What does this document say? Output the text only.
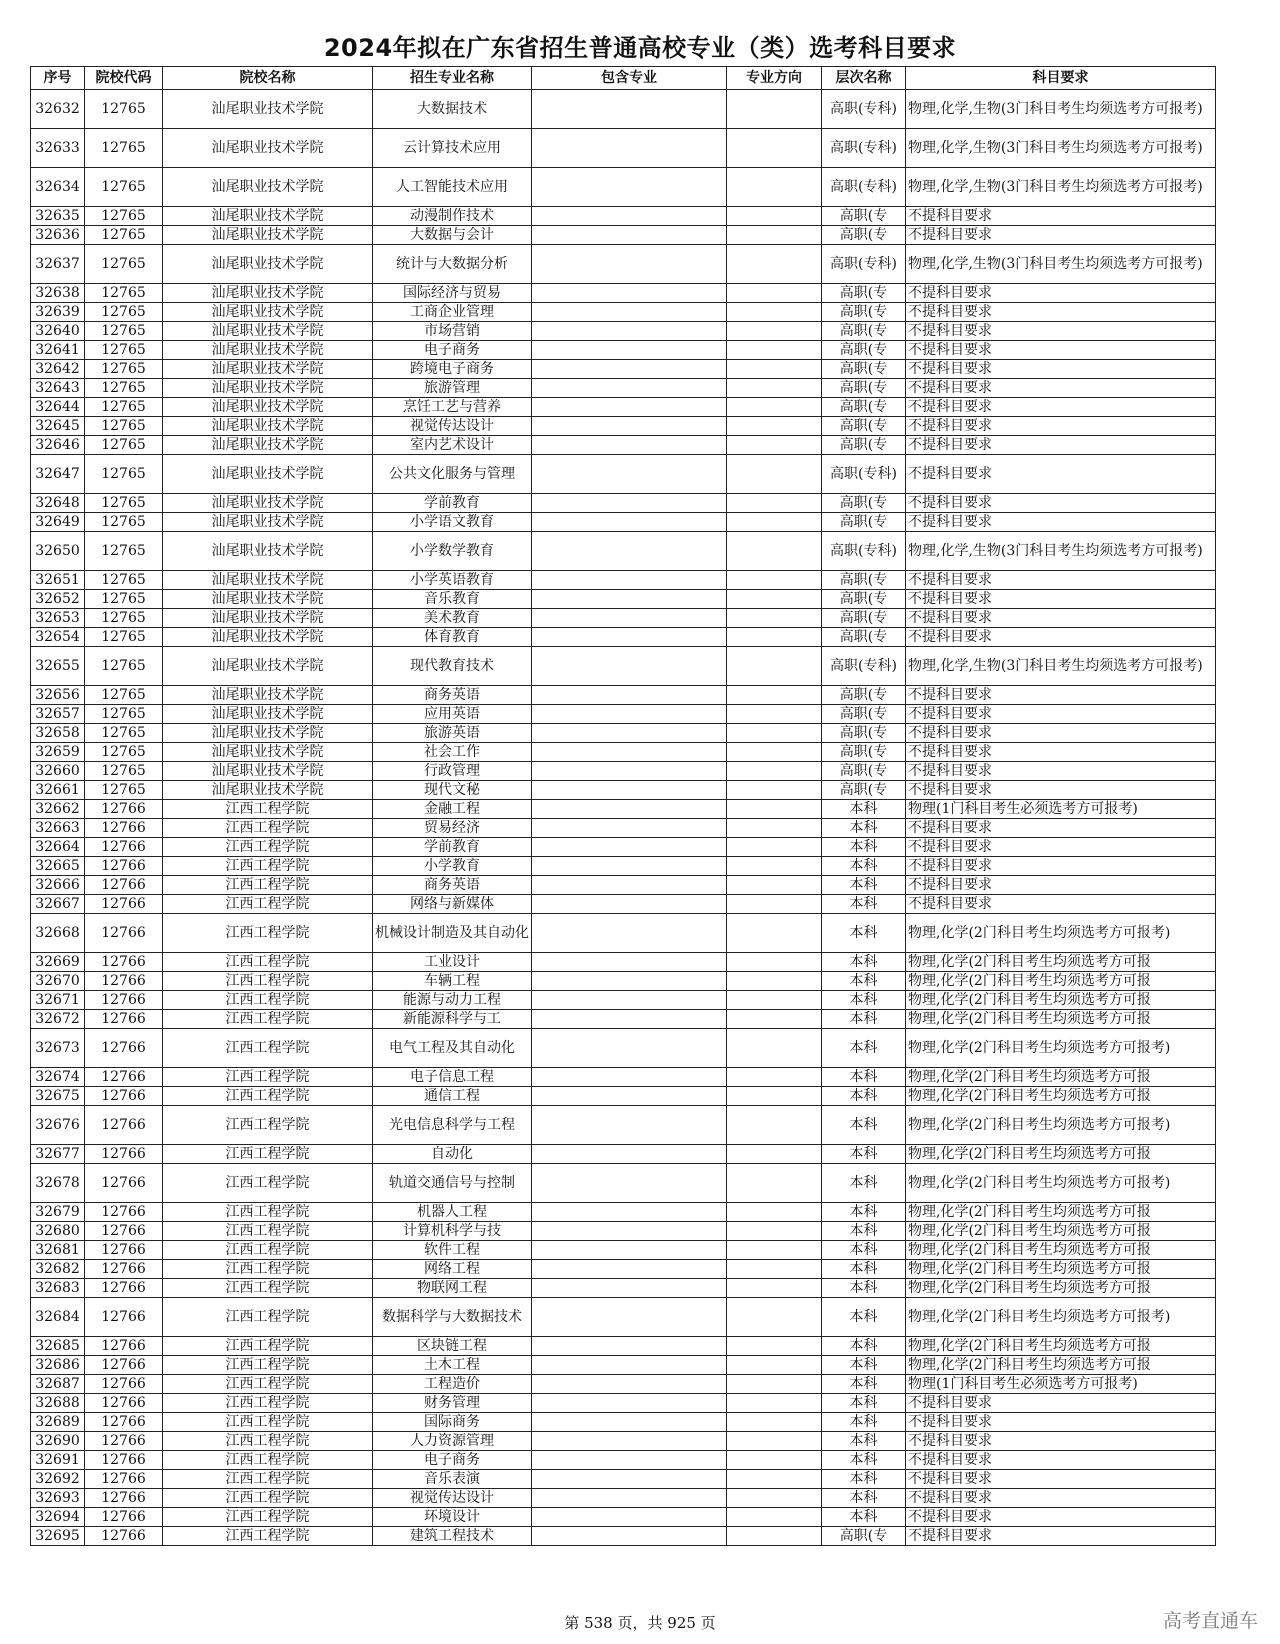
2024年拟在广东省招生普通高校专业（类）选考科目要求
序号	院校代码	院校名称	招生专业名称	包含专业	专业方向	层次名称	科目要求
32632	12765	汕尾职业技术学院	大数据技术			高职(专科)	物理,化学,生物(3门科目考生均须选考方可报考)
32633	12765	汕尾职业技术学院	云计算技术应用			高职(专科)	物理,化学,生物(3门科目考生均须选考方可报考)
32634	12765	汕尾职业技术学院	人工智能技术应用			高职(专科)	物理,化学,生物(3门科目考生均须选考方可报考)
32635	12765	汕尾职业技术学院	动漫制作技术			高职(专	不提科目要求
32636	12765	汕尾职业技术学院	大数据与会计			高职(专	不提科目要求
32637	12765	汕尾职业技术学院	统计与大数据分析			高职(专科)	物理,化学,生物(3门科目考生均须选考方可报考)
32638	12765	汕尾职业技术学院	国际经济与贸易			高职(专	不提科目要求
32639	12765	汕尾职业技术学院	工商企业管理			高职(专	不提科目要求
32640	12765	汕尾职业技术学院	市场营销			高职(专	不提科目要求
32641	12765	汕尾职业技术学院	电子商务			高职(专	不提科目要求
32642	12765	汕尾职业技术学院	跨境电子商务			高职(专	不提科目要求
32643	12765	汕尾职业技术学院	旅游管理			高职(专	不提科目要求
32644	12765	汕尾职业技术学院	烹饪工艺与营养			高职(专	不提科目要求
32645	12765	汕尾职业技术学院	视觉传达设计			高职(专	不提科目要求
32646	12765	汕尾职业技术学院	室内艺术设计			高职(专	不提科目要求
32647	12765	汕尾职业技术学院	公共文化服务与管理			高职(专科)	不提科目要求
32648	12765	汕尾职业技术学院	学前教育			高职(专	不提科目要求
32649	12765	汕尾职业技术学院	小学语文教育			高职(专	不提科目要求
32650	12765	汕尾职业技术学院	小学数学教育			高职(专科)	物理,化学,生物(3门科目考生均须选考方可报考)
32651	12765	汕尾职业技术学院	小学英语教育			高职(专	不提科目要求
32652	12765	汕尾职业技术学院	音乐教育			高职(专	不提科目要求
32653	12765	汕尾职业技术学院	美术教育			高职(专	不提科目要求
32654	12765	汕尾职业技术学院	体育教育			高职(专	不提科目要求
32655	12765	汕尾职业技术学院	现代教育技术			高职(专科)	物理,化学,生物(3门科目考生均须选考方可报考)
32656	12765	汕尾职业技术学院	商务英语			高职(专	不提科目要求
32657	12765	汕尾职业技术学院	应用英语			高职(专	不提科目要求
32658	12765	汕尾职业技术学院	旅游英语			高职(专	不提科目要求
32659	12765	汕尾职业技术学院	社会工作			高职(专	不提科目要求
32660	12765	汕尾职业技术学院	行政管理			高职(专	不提科目要求
32661	12765	汕尾职业技术学院	现代文秘			高职(专	不提科目要求
32662	12766	江西工程学院	金融工程			本科	物理(1门科目考生必须选考方可报考)
32663	12766	江西工程学院	贸易经济			本科	不提科目要求
32664	12766	江西工程学院	学前教育			本科	不提科目要求
32665	12766	江西工程学院	小学教育			本科	不提科目要求
32666	12766	江西工程学院	商务英语			本科	不提科目要求
32667	12766	江西工程学院	网络与新媒体			本科	不提科目要求
32668	12766	江西工程学院	机械设计制造及其自动化			本科	物理,化学(2门科目考生均须选考方可报考)
32669	12766	江西工程学院	工业设计			本科	物理,化学(2门科目考生均须选考方可报
32670	12766	江西工程学院	车辆工程			本科	物理,化学(2门科目考生均须选考方可报
32671	12766	江西工程学院	能源与动力工程			本科	物理,化学(2门科目考生均须选考方可报
32672	12766	江西工程学院	新能源科学与工			本科	物理,化学(2门科目考生均须选考方可报
32673	12766	江西工程学院	电气工程及其自动化			本科	物理,化学(2门科目考生均须选考方可报考)
32674	12766	江西工程学院	电子信息工程			本科	物理,化学(2门科目考生均须选考方可报
32675	12766	江西工程学院	通信工程			本科	物理,化学(2门科目考生均须选考方可报
32676	12766	江西工程学院	光电信息科学与工程			本科	物理,化学(2门科目考生均须选考方可报考)
32677	12766	江西工程学院	自动化			本科	物理,化学(2门科目考生均须选考方可报
32678	12766	江西工程学院	轨道交通信号与控制			本科	物理,化学(2门科目考生均须选考方可报考)
32679	12766	江西工程学院	机器人工程			本科	物理,化学(2门科目考生均须选考方可报
32680	12766	江西工程学院	计算机科学与技			本科	物理,化学(2门科目考生均须选考方可报
32681	12766	江西工程学院	软件工程			本科	物理,化学(2门科目考生均须选考方可报
32682	12766	江西工程学院	网络工程			本科	物理,化学(2门科目考生均须选考方可报
32683	12766	江西工程学院	物联网工程			本科	物理,化学(2门科目考生均须选考方可报
32684	12766	江西工程学院	数据科学与大数据技术			本科	物理,化学(2门科目考生均须选考方可报考)
32685	12766	江西工程学院	区块链工程			本科	物理,化学(2门科目考生均须选考方可报
32686	12766	江西工程学院	土木工程			本科	物理,化学(2门科目考生均须选考方可报
32687	12766	江西工程学院	工程造价			本科	物理(1门科目考生必须选考方可报考)
32688	12766	江西工程学院	财务管理			本科	不提科目要求
32689	12766	江西工程学院	国际商务			本科	不提科目要求
32690	12766	江西工程学院	人力资源管理			本科	不提科目要求
32691	12766	江西工程学院	电子商务			本科	不提科目要求
32692	12766	江西工程学院	音乐表演			本科	不提科目要求
32693	12766	江西工程学院	视觉传达设计			本科	不提科目要求
32694	12766	江西工程学院	环境设计			本科	不提科目要求
32695	12766	江西工程学院	建筑工程技术			高职(专	不提科目要求
第 538 页，共 925 页	高考直通车
